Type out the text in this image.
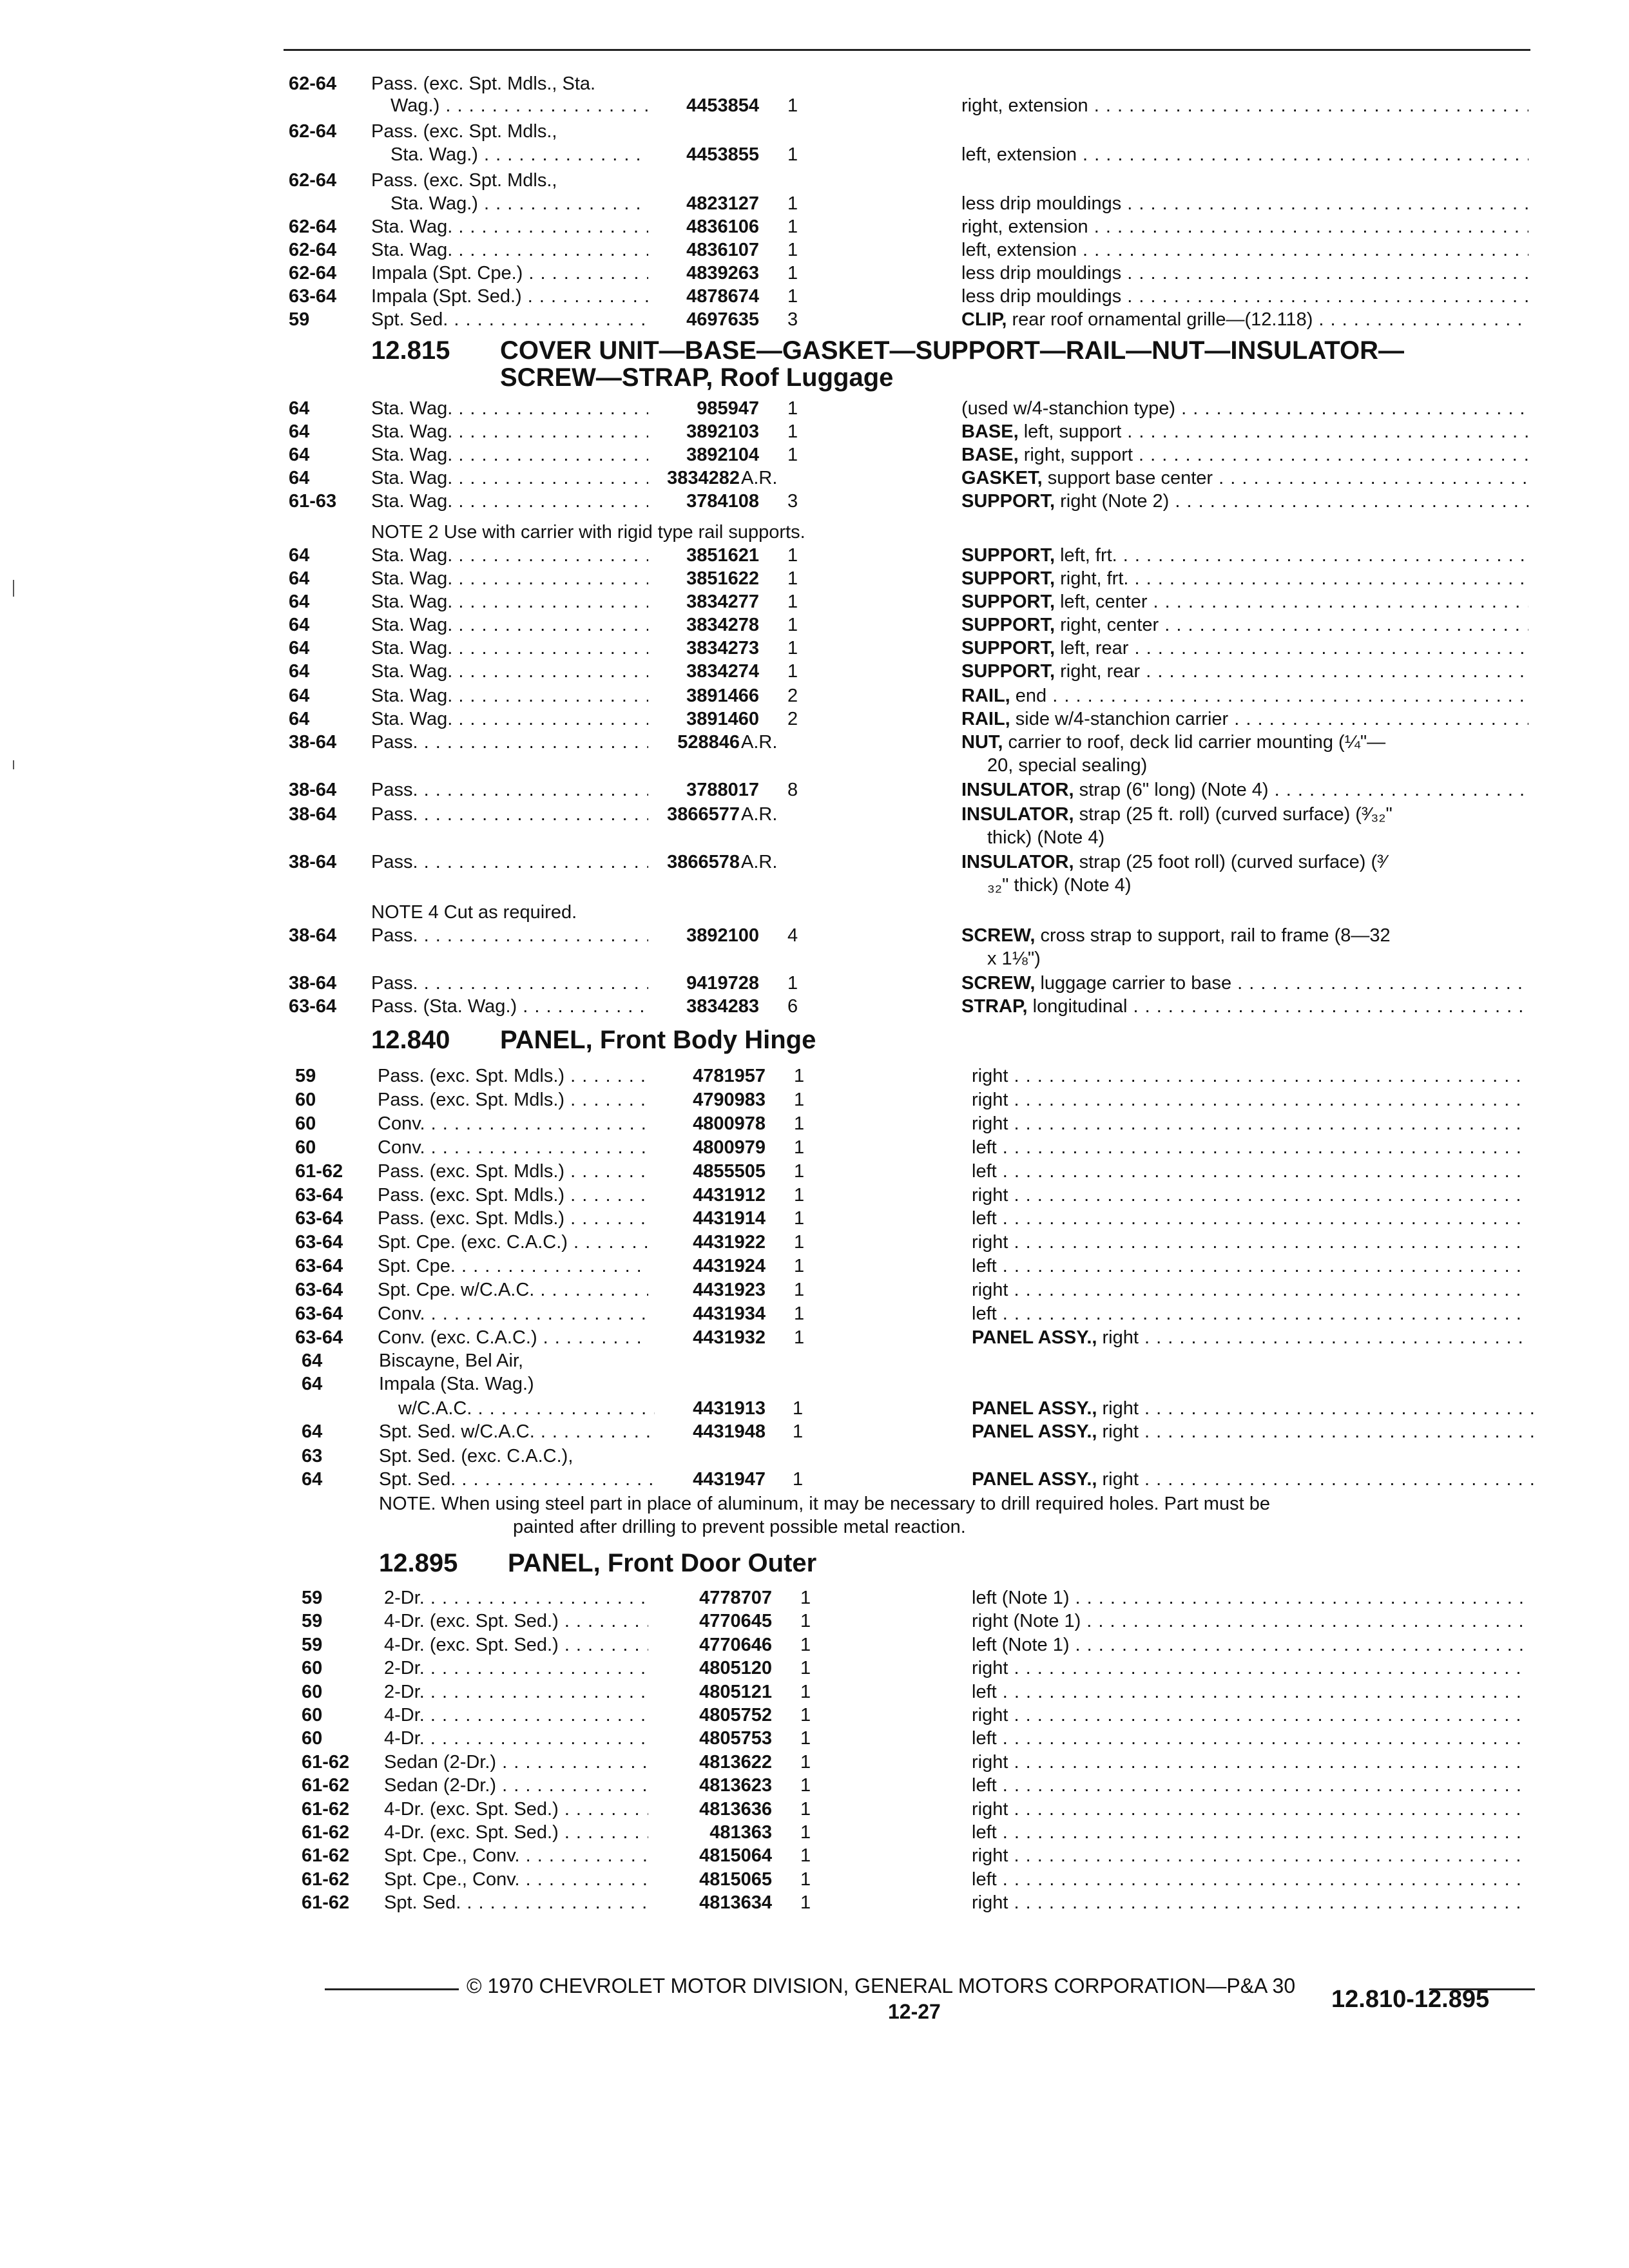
62-64 Pass. (exc. Spt. Mdls., Sta.
Wag.) . . .	4453854 1	right, extension . . .
62-64 Pass. (exc. Spt. Mdls.,
Sta. Wag.) . . .	4453855 1	left, extension . . .
62-64 Pass. (exc. Spt. Mdls.,
Sta. Wag.) . . .	4823127 1	less drip mouldings . . .
62-64 Sta. Wag. . . .	4836106 1	right, extension . . .
62-64 Sta. Wag. . . .	4836107 1	left, extension . . .
62-64 Impala (Spt. Cpe.) . . .	4839263 1	less drip mouldings . . .
63-64 Impala (Spt. Sed.) . . .	4878674 1	less drip mouldings . . .
59	Spt. Sed. . . .	4697635 3	CLIP, rear roof ornamental grille—(12.118) . . .
12.815 COVER UNIT—BASE—GASKET—SUPPORT—RAIL—NUT—INSULATOR—
SCREW—STRAP, Roof Luggage
64	Sta. Wag. . . .	985947 1	(used w/4-stanchion type) . . .
64	Sta. Wag. . . .	3892103 1	BASE, left, support . . .
64	Sta. Wag. . . .	3892104 1	BASE, right, support . . .
64	Sta. Wag. . . .	3834282 A.R.	GASKET, support base center . . .
61-63 Sta. Wag. . . .	3784108 3	SUPPORT, right (Note 2) . . .
NOTE 2 Use with carrier with rigid type rail supports.
64	Sta. Wag. . . .	3851621 1	SUPPORT, left, frt. . . .
64	Sta. Wag. . . .	3851622 1	SUPPORT, right, frt. . . .
64	Sta. Wag. . . .	3834277 1	SUPPORT, left, center . . .
64	Sta. Wag. . . .	3834278 1	SUPPORT, right, center . . .
64	Sta. Wag. . . .	3834273 1	SUPPORT, left, rear . . .
64	Sta. Wag. . . .	3834274 1	SUPPORT, right, rear . . .
64	Sta. Wag. . . .	3891466 2	RAIL, end . . .
64	Sta. Wag. . . .	3891460 2	RAIL, side w/4-stanchion carrier . . .
38-64 Pass. . . .	528846 A.R.	NUT, carrier to roof, deck lid carrier mounting (¼"—
20, special sealing)
38-64 Pass. . . .	3788017 8	INSULATOR, strap (6" long) (Note 4) . . .
38-64 Pass. . . .	3866577 A.R.	INSULATOR, strap (25 ft. roll) (curved surface) (³⁄₃₂"
thick) (Note 4)
38-64 Pass. . . .	3866578 A.R.	INSULATOR, strap (25 foot roll) (curved surface) (³⁄
₃₂" thick) (Note 4)
NOTE 4 Cut as required.
38-64 Pass. . . .	3892100 4	SCREW, cross strap to support, rail to frame (8—32
x 1⅛")
38-64 Pass. . . .	9419728 1	SCREW, luggage carrier to base . . .
63-64 Pass. (Sta. Wag.) . . .	3834283 6	STRAP, longitudinal . . .
12.840 PANEL, Front Body Hinge
59	Pass. (exc. Spt. Mdls.) . . .	4781957 1	right . . .
60	Pass. (exc. Spt. Mdls.) . . .	4790983 1	right . . .
60	Conv. . . .	4800978 1	right . . .
60	Conv. . . .	4800979 1	left . . .
61-62 Pass. (exc. Spt. Mdls.) . . .	4855505 1	left . . .
63-64 Pass. (exc. Spt. Mdls.) . . .	4431912 1	right . . .
63-64 Pass. (exc. Spt. Mdls.) . . .	4431914 1	left . . .
63-64 Spt. Cpe. (exc. C.A.C.) . . .	4431922 1	right . . .
63-64 Spt. Cpe. . . .	4431924 1	left . . .
63-64 Spt. Cpe. w/C.A.C. . . .	4431923 1	right . . .
63-64 Conv. . . .	4431934 1	left . . .
63-64 Conv. (exc. C.A.C.) . . .	4431932 1	PANEL ASSY., right . . .
64	Biscayne, Bel Air,
64	Impala (Sta. Wag.)
w/C.A.C. . . .	4431913 1	PANEL ASSY., right . . .
64	Spt. Sed. w/C.A.C. . . .	4431948 1	PANEL ASSY., right . . .
63	Spt. Sed. (exc. C.A.C.),
64	Spt. Sed. . . .	4431947 1	PANEL ASSY., right . . .
NOTE. When using steel part in place of aluminum, it may be necessary to drill required holes. Part must be
painted after drilling to prevent possible metal reaction.
12.895 PANEL, Front Door Outer
59	2-Dr. . . .	4778707 1	left (Note 1) . . .
59	4-Dr. (exc. Spt. Sed.) . . .	4770645 1	right (Note 1) . . .
59	4-Dr. (exc. Spt. Sed.) . . .	4770646 1	left (Note 1) . . .
60	2-Dr. . . .	4805120 1	right . . .
60	2-Dr. . . .	4805121 1	left . . .
60	4-Dr. . . .	4805752 1	right . . .
60	4-Dr. . . .	4805753 1	left . . .
61-62 Sedan (2-Dr.) . . .	4813622 1	right . . .
61-62 Sedan (2-Dr.) . . .	4813623 1	left . . .
61-62 4-Dr. (exc. Spt. Sed.) . . .	4813636 1	right . . .
61-62 4-Dr. (exc. Spt. Sed.) . . .	481363 1	left . . .
61-62 Spt. Cpe., Conv. . . .	4815064 1	right . . .
61-62 Spt. Cpe., Conv. . . .	4815065 1	left . . .
61-62 Spt. Sed. . . .	4813634 1	right . . .
© 1970 CHEVROLET MOTOR DIVISION, GENERAL MOTORS CORPORATION—P&A 30
12-27	12.810-12.895
